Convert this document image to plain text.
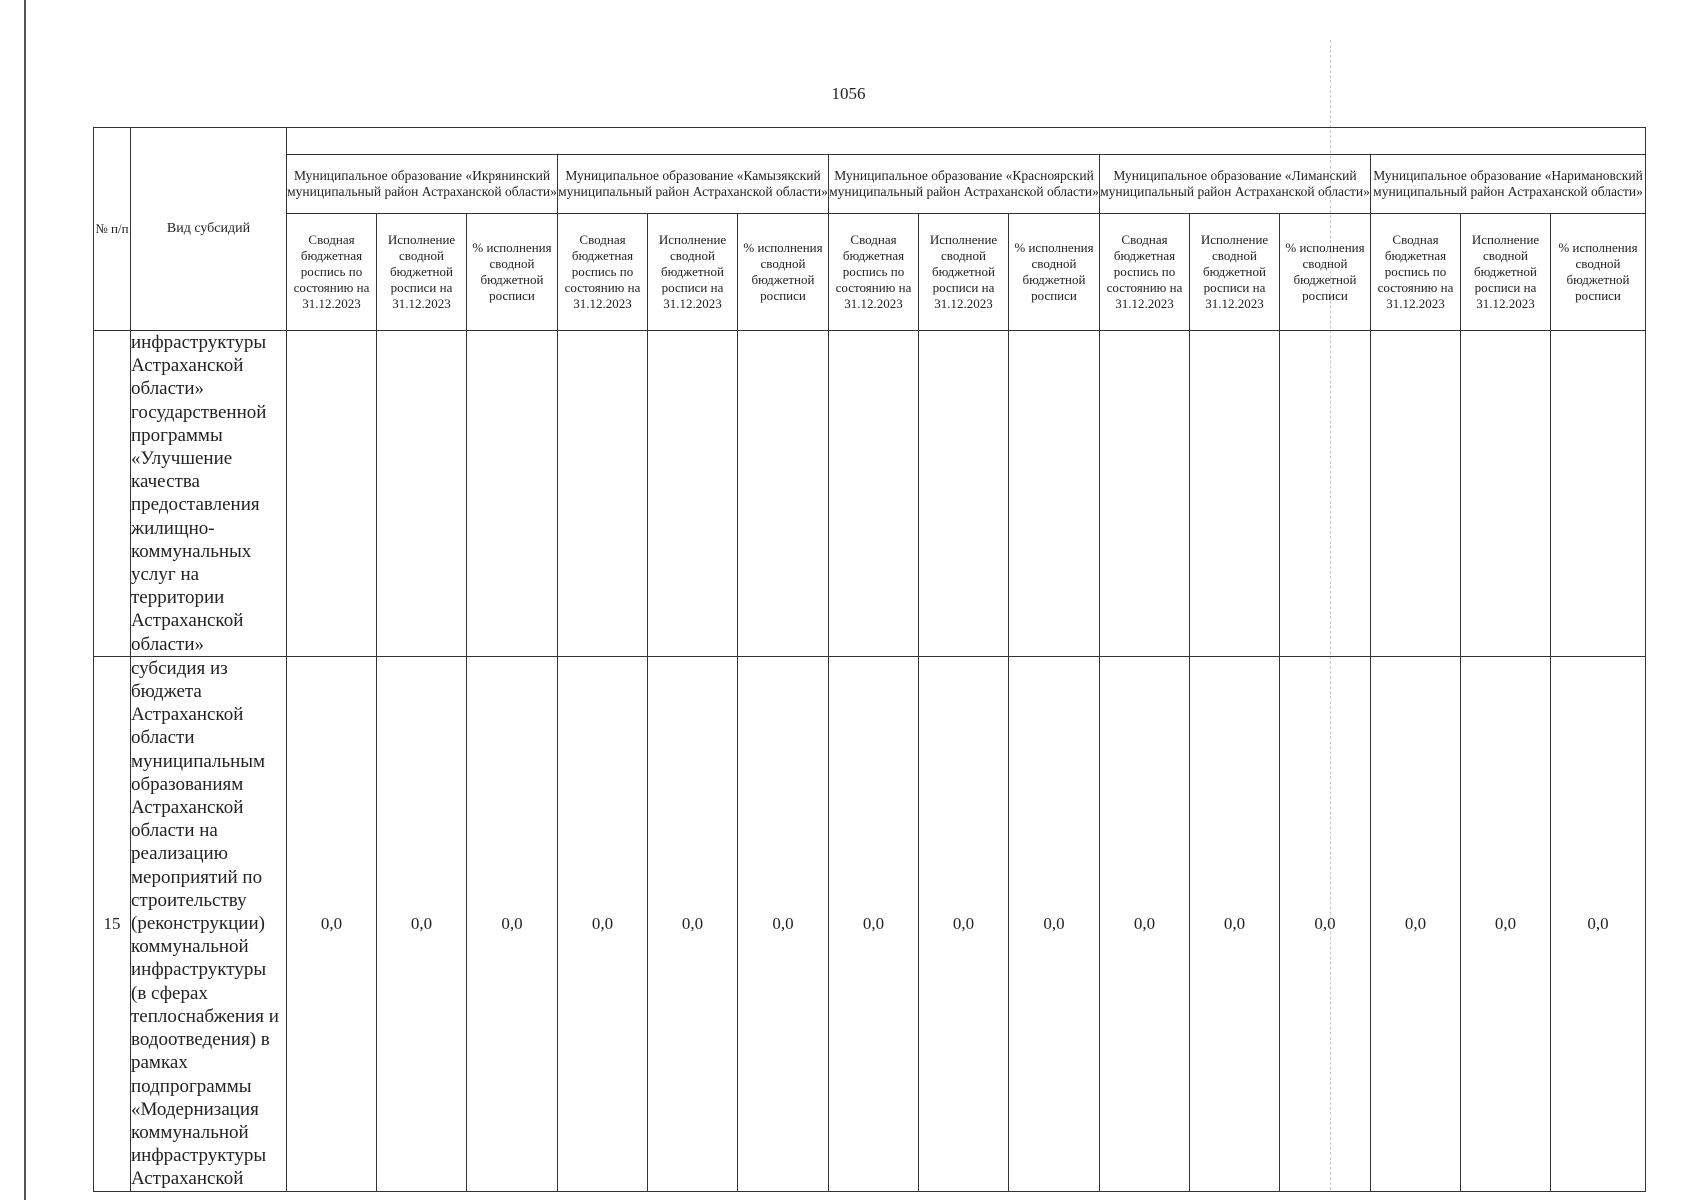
1056
№ п/п	Вид субсидий															
		Муниципальное образование «Икрянинский муниципальный район Астраханской области»			Муниципальное образование «Камызякский муниципальный район Астраханской области»			Муниципальное образование «Красноярский муниципальный район Астраханской области»			Муниципальное образование «Лиманский муниципальный район Астраханской области»			Муниципальное образование «Наримановский муниципальный район Астраханской области»		
		Сводная бюджетная роспись по состоянию на 31.12.2023	Исполнение сводной бюджетной росписи на 31.12.2023	% исполнения сводной бюджетной росписи	Сводная бюджетная роспись по состоянию на 31.12.2023	Исполнение сводной бюджетной росписи на 31.12.2023	% исполнения сводной бюджетной росписи	Сводная бюджетная роспись по состоянию на 31.12.2023	Исполнение сводной бюджетной росписи на 31.12.2023	% исполнения сводной бюджетной росписи	Сводная бюджетная роспись по состоянию на 31.12.2023	Исполнение сводной бюджетной росписи на 31.12.2023	% исполнения сводной бюджетной росписи	Сводная бюджетная роспись по состоянию на 31.12.2023	Исполнение сводной бюджетной росписи на 31.12.2023	% исполнения сводной бюджетной росписи
	инфраструктуры Астраханской области» государственной программы «Улучшение качества предоставления жилищно-коммунальных услуг на территории Астраханской области»															
15	субсидия из бюджета Астраханской области муниципальным образованиям Астраханской области на реализацию мероприятий по строительству (реконструкции) коммунальной инфраструктуры (в сферах теплоснабжения и водоотведения) в рамках подпрограммы «Модернизация коммунальной инфраструктуры Астраханской	0,0	0,0	0,0	0,0	0,0	0,0	0,0	0,0	0,0	0,0	0,0	0,0	0,0	0,0	0,0
